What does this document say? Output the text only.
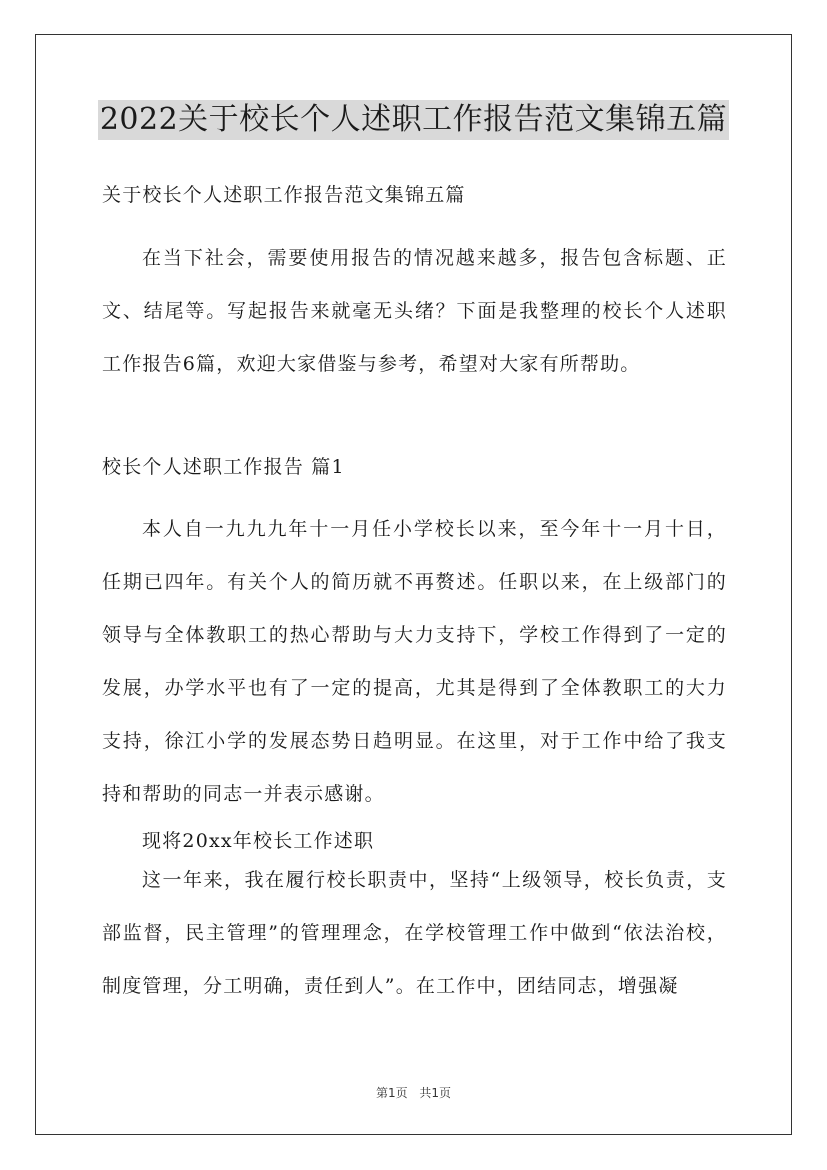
2022关于校长个人述职工作报告范文集锦五篇
关于校长个人述职工作报告范文集锦五篇
在当下社会，需要使用报告的情况越来越多，报告包含标题、正文、结尾等。写起报告来就毫无头绪？下面是我整理的校长个人述职工作报告6篇，欢迎大家借鉴与参考，希望对大家有所帮助。
校长个人述职工作报告 篇1
本人自一九九九年十一月任小学校长以来，至今年十一月十日，任期已四年。有关个人的简历就不再赘述。任职以来，在上级部门的领导与全体教职工的热心帮助与大力支持下，学校工作得到了一定的发展，办学水平也有了一定的提高，尤其是得到了全体教职工的大力支持，徐江小学的发展态势日趋明显。在这里，对于工作中给了我支持和帮助的同志一并表示感谢。
现将20xx年校长工作述职
这一年来，我在履行校长职责中，坚持“上级领导，校长负责，支部监督，民主管理”的管理理念，在学校管理工作中做到“依法治校，制度管理，分工明确，责任到人”。在工作中，团结同志，增强凝
第1页 共1页
